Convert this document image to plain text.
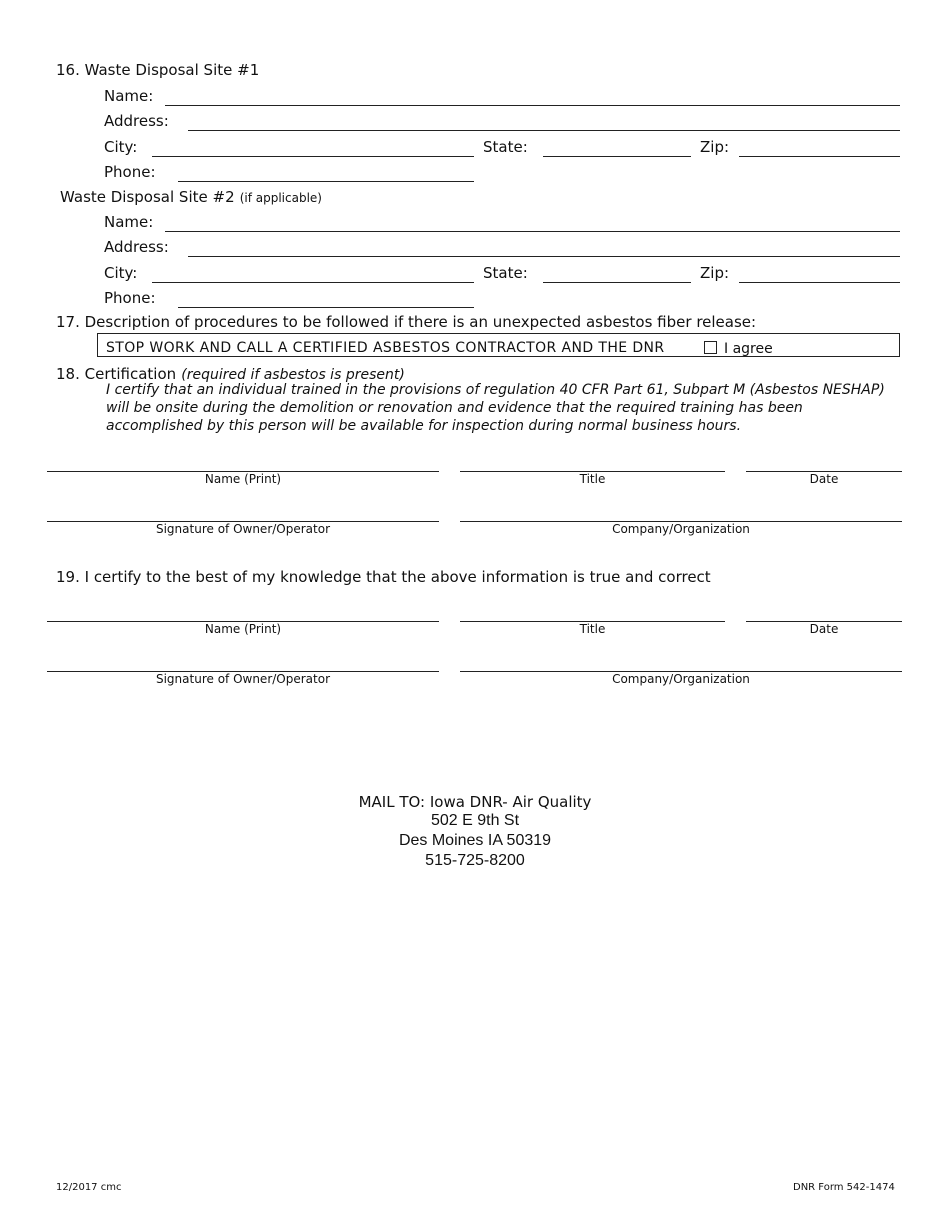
16. Waste Disposal Site #1
Name:
Address:
City:	State:	Zip:
Phone:
Waste Disposal Site #2 (if applicable)
Name:
Address:
City:	State:	Zip:
Phone:
17. Description of procedures to be followed if there is an unexpected asbestos fiber release:
STOP WORK AND CALL A CERTIFIED ASBESTOS CONTRACTOR AND THE DNR	I agree
18. Certification (required if asbestos is present)
I certify that an individual trained in the provisions of regulation 40 CFR Part 61, Subpart M (Asbestos NESHAP) will be onsite during the demolition or renovation and evidence that the required training has been accomplished by this person will be available for inspection during normal business hours.
Name (Print)	Title	Date
Signature of Owner/Operator	Company/Organization
19. I certify to the best of my knowledge that the above information is true and correct
Name (Print)	Title	Date
Signature of Owner/Operator	Company/Organization
MAIL TO: Iowa DNR- Air Quality
502 E 9th St
Des Moines IA 50319
515-725-8200
12/2017 cmc	DNR Form 542-1474
